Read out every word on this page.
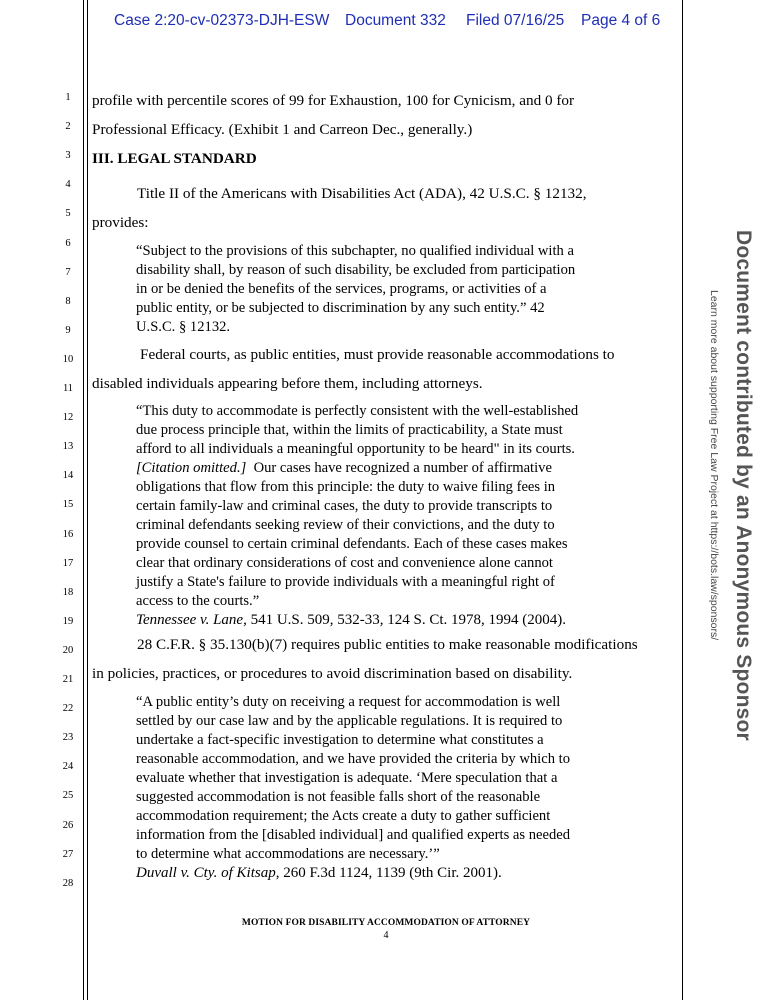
Case 2:20-cv-02373-DJH-ESW Document 332 Filed 07/16/25 Page 4 of 6
1
2
3
4
5
6
7
8
9
10
11
12
13
14
15
16
17
18
19
20
21
22
23
24
25
26
27
28
profile with percentile scores of 99 for Exhaustion, 100 for Cynicism, and 0 for
Professional Efficacy. (Exhibit 1 and Carreon Dec., generally.)
III. LEGAL STANDARD
Title II of the Americans with Disabilities Act (ADA), 42 U.S.C. § 12132,
provides:
“Subject to the provisions of this subchapter, no qualified individual with a
disability shall, by reason of such disability, be excluded from participation
in or be denied the benefits of the services, programs, or activities of a
public entity, or be subjected to discrimination by any such entity.” 42
U.S.C. § 12132.
Federal courts, as public entities, must provide reasonable accommodations to
disabled individuals appearing before them, including attorneys.
“This duty to accommodate is perfectly consistent with the well-established
due process principle that, within the limits of practicability, a State must
afford to all individuals a meaningful opportunity to be heard" in its courts.
[Citation omitted.]  Our cases have recognized a number of affirmative
obligations that flow from this principle: the duty to waive filing fees in
certain family-law and criminal cases, the duty to provide transcripts to
criminal defendants seeking review of their convictions, and the duty to
provide counsel to certain criminal defendants. Each of these cases makes
clear that ordinary considerations of cost and convenience alone cannot
justify a State's failure to provide individuals with a meaningful right of
access to the courts.”
Tennessee v. Lane, 541 U.S. 509, 532-33, 124 S. Ct. 1978, 1994 (2004).
28 C.F.R. § 35.130(b)(7) requires public entities to make reasonable modifications
in policies, practices, or procedures to avoid discrimination based on disability.
“A public entity’s duty on receiving a request for accommodation is well
settled by our case law and by the applicable regulations. It is required to
undertake a fact-specific investigation to determine what constitutes a
reasonable accommodation, and we have provided the criteria by which to
evaluate whether that investigation is adequate. ‘Mere speculation that a
suggested accommodation is not feasible falls short of the reasonable
accommodation requirement; the Acts create a duty to gather sufficient
information from the [disabled individual] and qualified experts as needed
to determine what accommodations are necessary.’”
Duvall v. Cty. of Kitsap, 260 F.3d 1124, 1139 (9th Cir. 2001).
MOTION FOR DISABILITY ACCOMMODATION OF ATTORNEY
4
Document contributed by an Anonymous Sponsor
Learn more about supporting Free Law Project at https://bots.law/sponsors/
